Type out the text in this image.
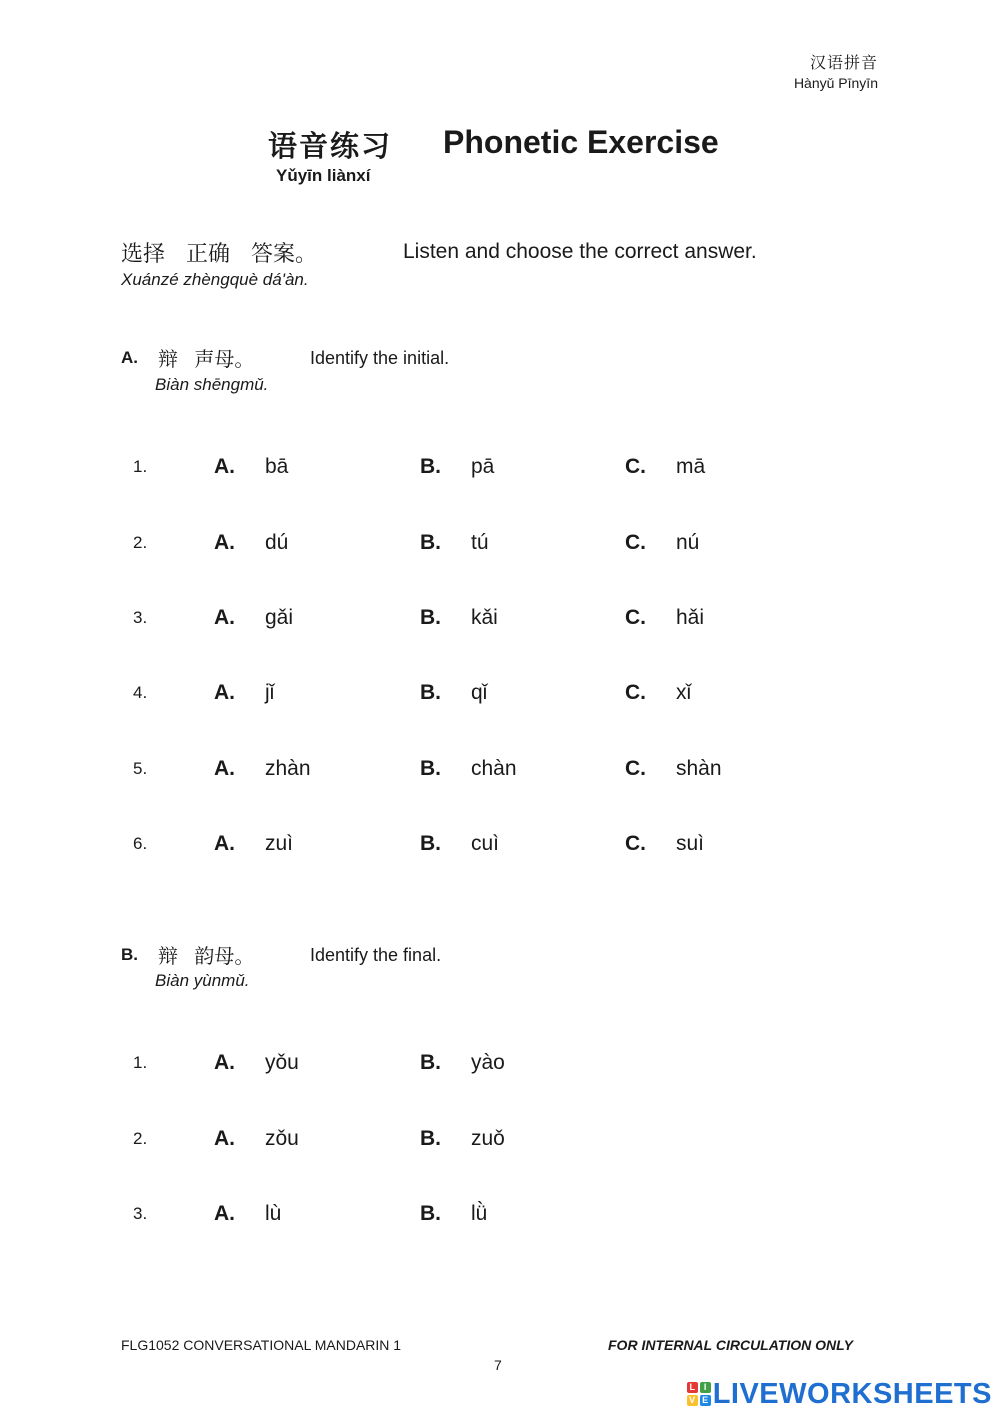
汉语拼音
Hànyǔ Pīnyīn
语音练习 Phonetic Exercise
Yǔyīn liànxí
选择 正确 答案。	Listen and choose the correct answer.
Xuánzé zhèngquè dá'àn.
A. 辩 声母。	Identify the initial.
Biàn shēngmǔ.
1.	A. bā	B. pā	C. mā
2.	A. dú	B. tú	C. nú
3.	A. gǎi	B. kǎi	C. hǎi
4.	A. jǐ	B. qǐ	C. xǐ
5.	A. zhàn	B. chàn	C. shàn
6.	A. zuì	B. cuì	C. suì
B. 辩 韵母。	Identify the final.
Biàn yùnmǔ.
1.	A. yǒu	B. yào
2.	A. zǒu	B. zuǒ
3.	A. lù	B. lǜ
FLG1052 CONVERSATIONAL MANDARIN 1	FOR INTERNAL CIRCULATION ONLY
7
L I
V E LIVEWORKSHEETS
